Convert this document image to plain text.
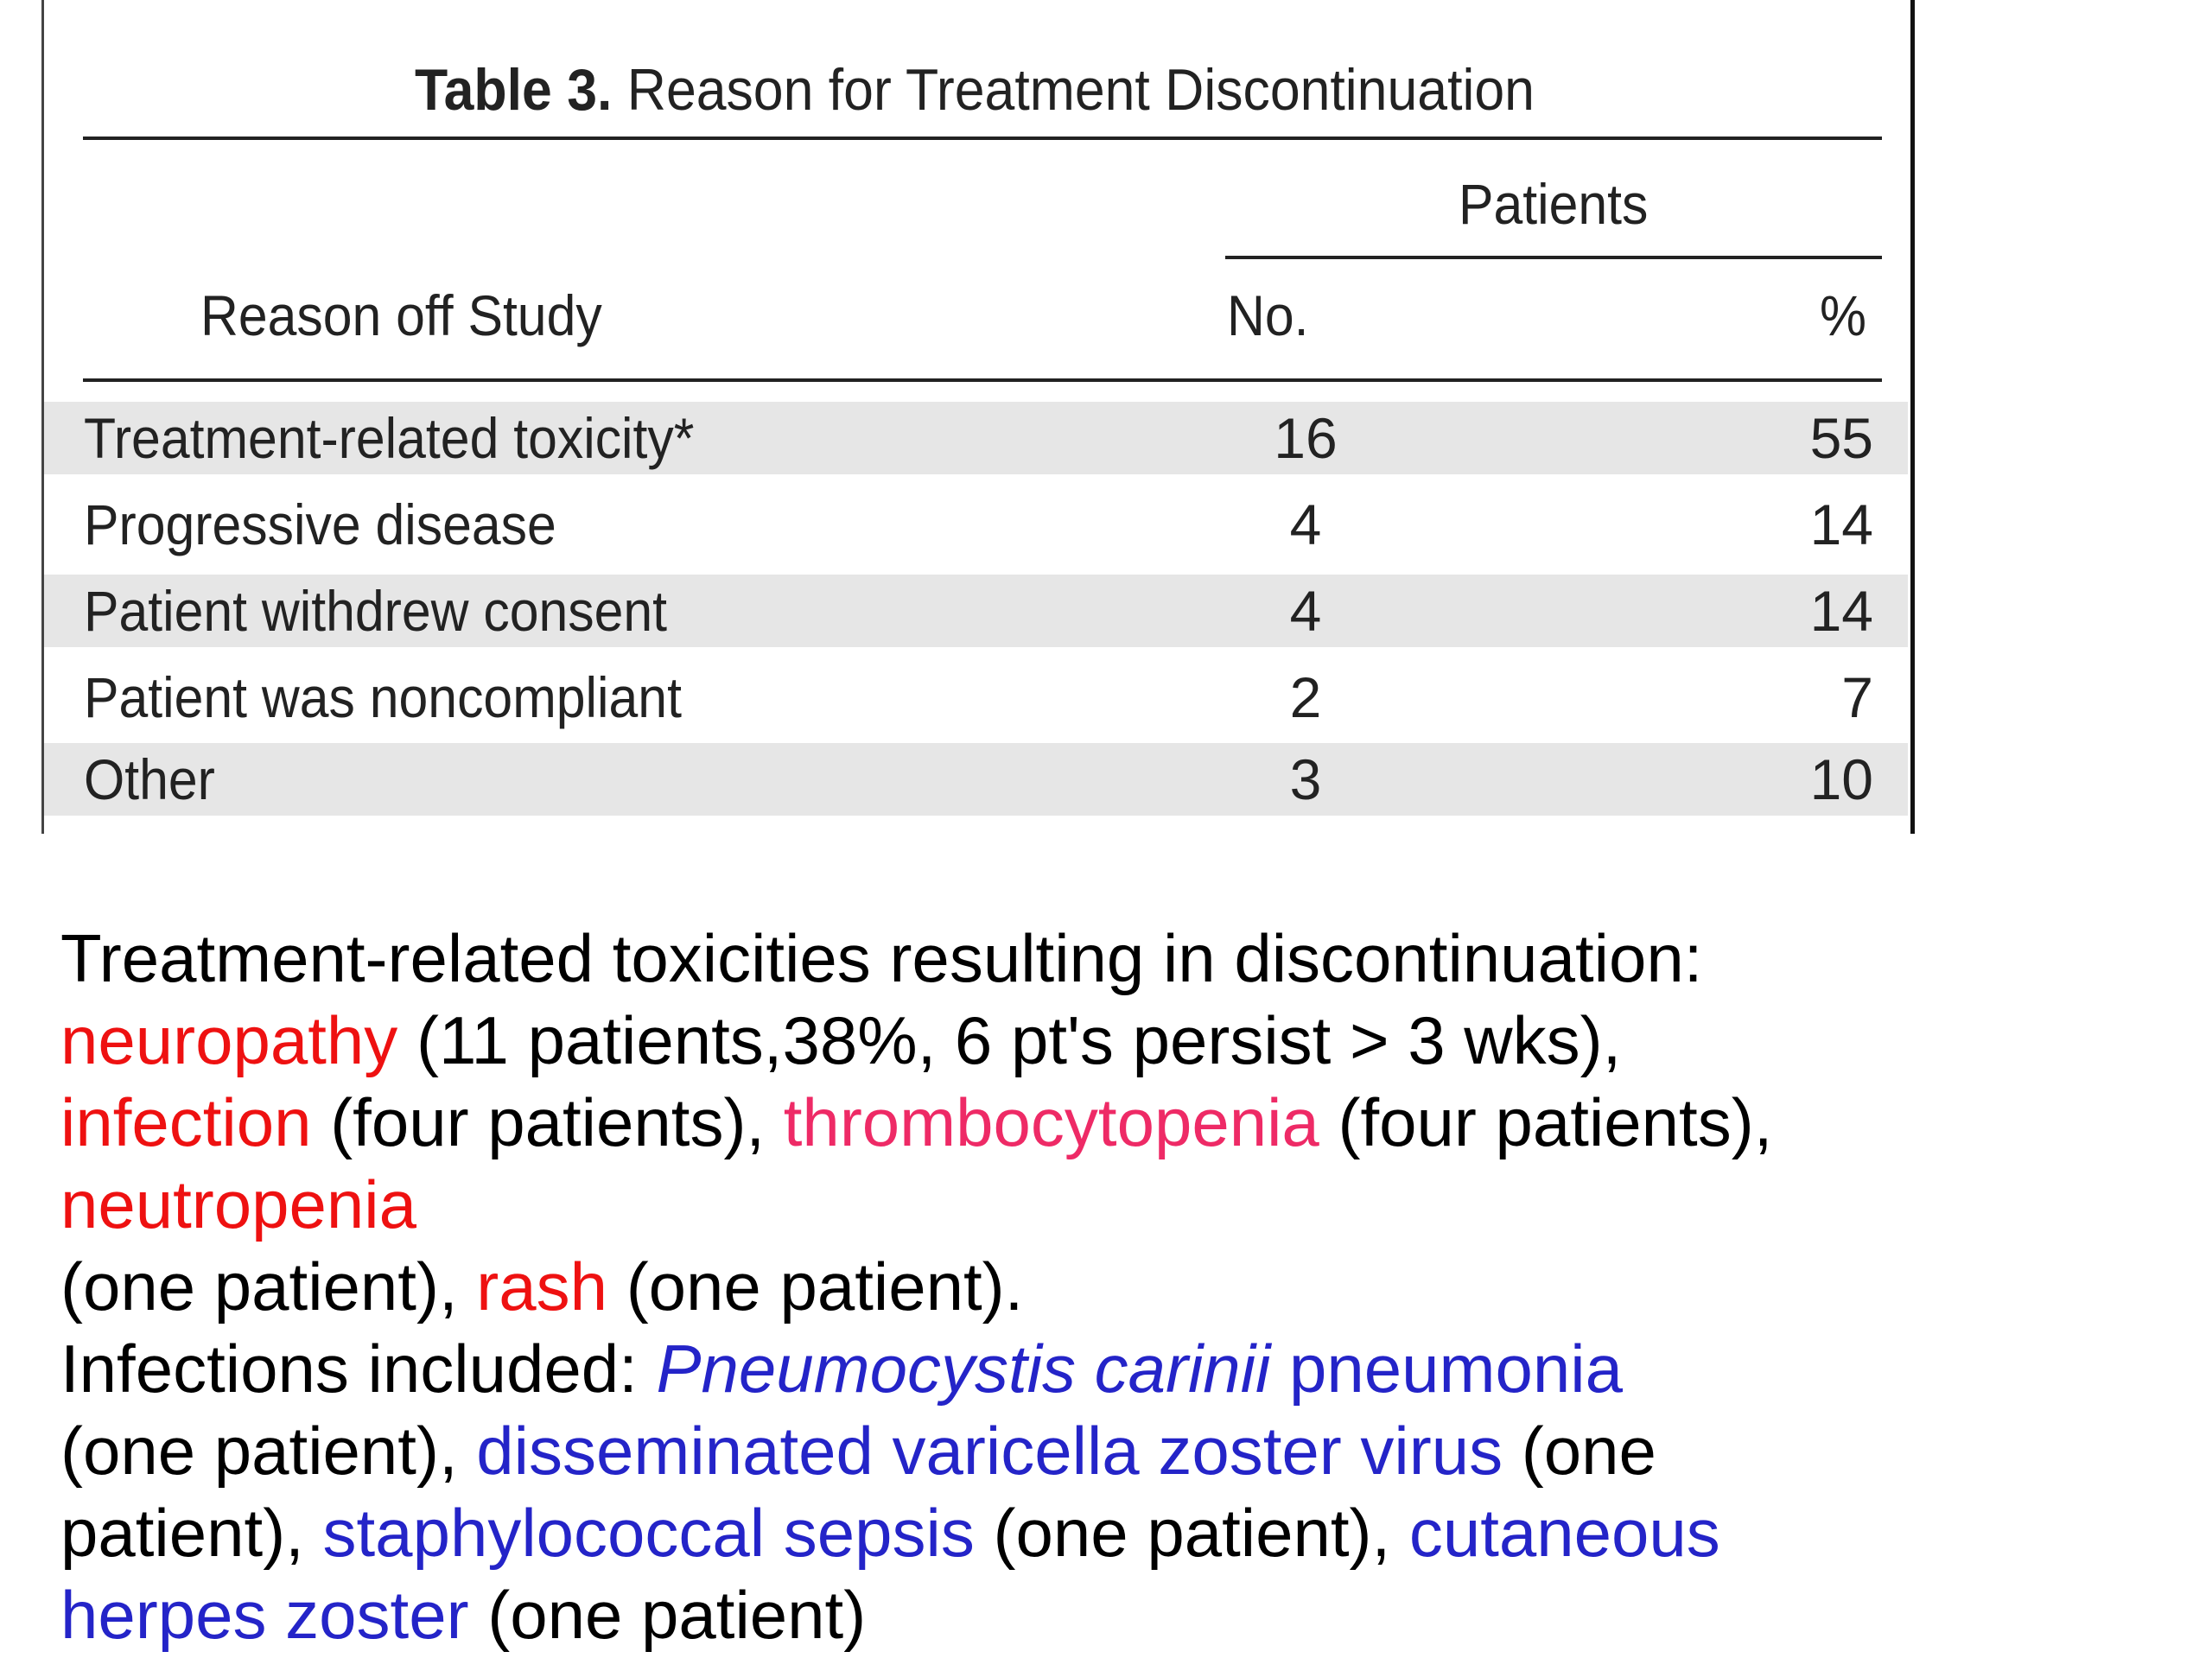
Table 3. Reason for Treatment Discontinuation
Patients
Reason off Study	No.	%
Treatment-related toxicity*	16	55
Progressive disease	4	14
Patient withdrew consent	4	14
Patient was noncompliant	2	7
Other	3	10
Treatment-related toxicities resulting in discontinuation:
neuropathy (11 patients,38%, 6 pt's persist > 3 wks),
infection (four patients), thrombocytopenia (four patients),
neutropenia
(one patient), rash (one patient).
Infections included: Pneumocystis carinii pneumonia
(one patient), disseminated varicella zoster virus (one
patient), staphylococcal sepsis (one patient), cutaneous
herpes zoster (one patient)
